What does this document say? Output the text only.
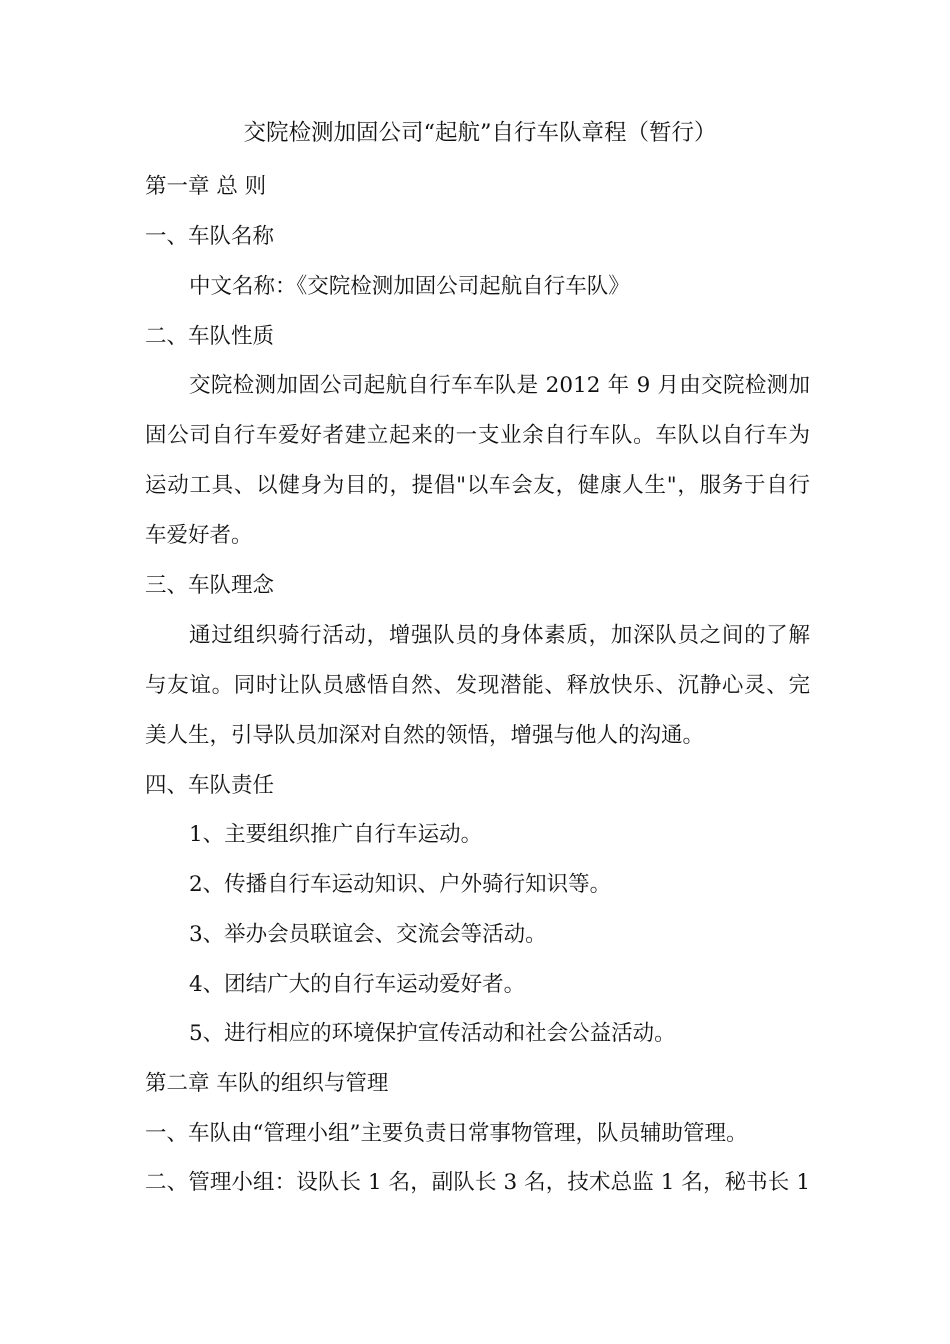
交院检测加固公司“起航”自行车队章程（暂行）
第一章 总 则
一、车队名称
中文名称：《交院检测加固公司起航自行车队》
二、车队性质
交院检测加固公司起航自行车车队是 2012 年 9 月由交院检测加
固公司自行车爱好者建立起来的一支业余自行车队。车队以自行车为
运动工具、以健身为目的，提倡"以车会友，健康人生"，服务于自行
车爱好者。
三、车队理念
通过组织骑行活动，增强队员的身体素质，加深队员之间的了解
与友谊。同时让队员感悟自然、发现潜能、释放快乐、沉静心灵、完
美人生，引导队员加深对自然的领悟，增强与他人的沟通。
四、车队责任
1、主要组织推广自行车运动。
2、传播自行车运动知识、户外骑行知识等。
3、举办会员联谊会、交流会等活动。
4、团结广大的自行车运动爱好者。
5、进行相应的环境保护宣传活动和社会公益活动。
第二章 车队的组织与管理
一、车队由“管理小组”主要负责日常事物管理，队员辅助管理。
二、管理小组：设队长 1 名，副队长 3 名，技术总监 1 名，秘书长 1
